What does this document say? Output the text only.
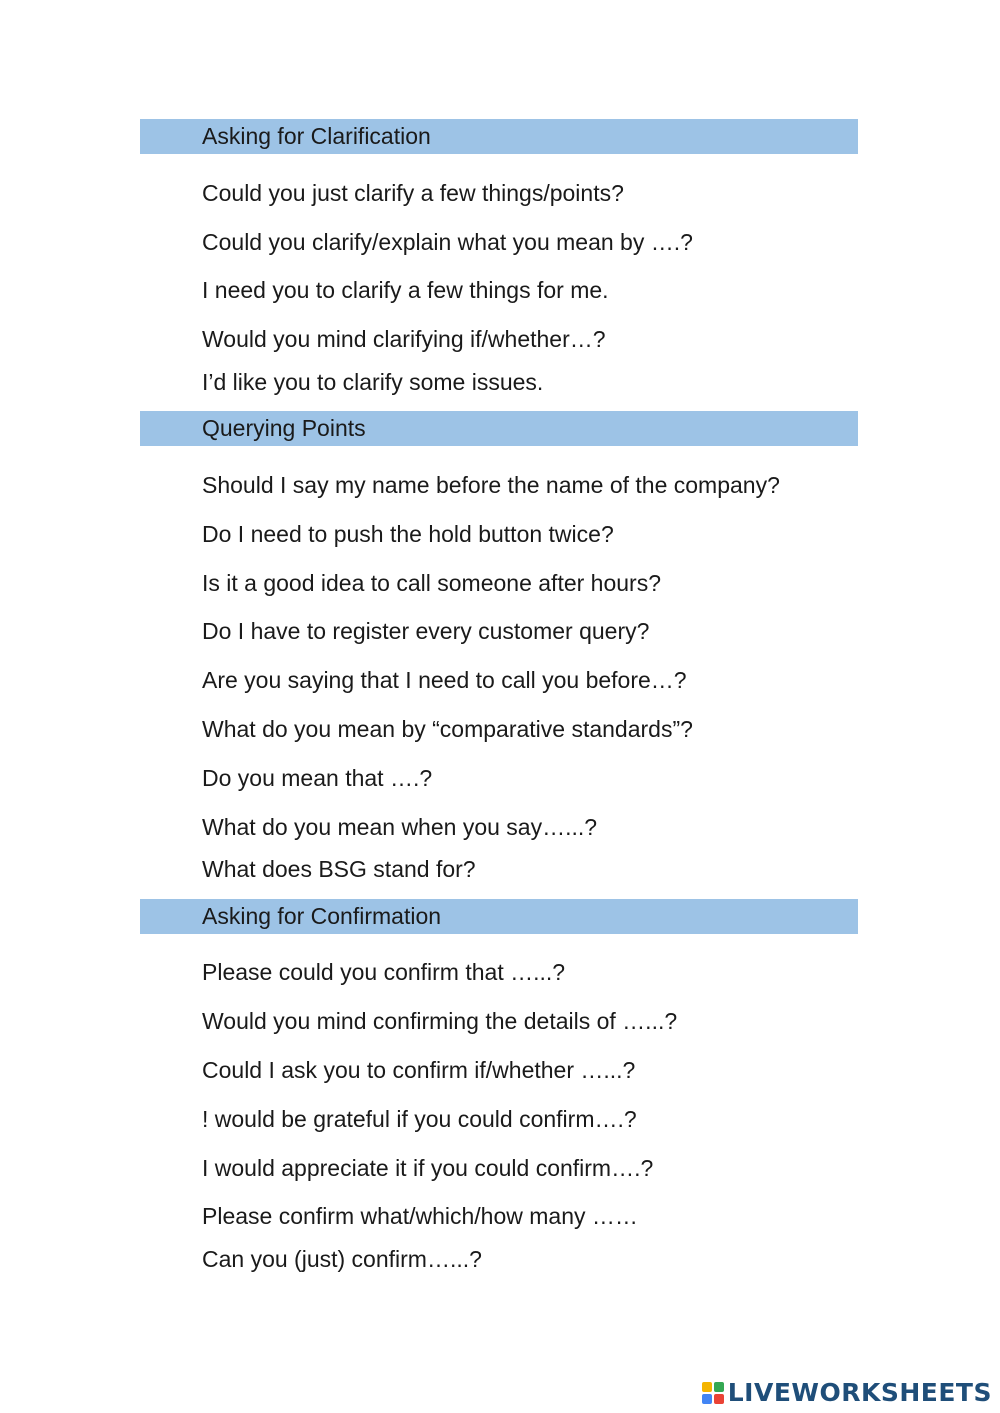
Asking for Clarification
Could you just clarify a few things/points?
Could you clarify/explain what you mean by ….?
I need you to clarify a few things for me.
Would you mind clarifying if/whether…?
I’d like you to clarify some issues.
Querying Points
Should I say my name before the name of the company?
Do I need to push the hold button twice?
Is it a good idea to call someone after hours?
Do I have to register every customer query?
Are you saying that I need to call you before…?
What do you mean by “comparative standards”?
Do you mean that ….?
What do you mean when you say…...?
What does BSG stand for?
Asking for Confirmation
Please could you confirm that …...?
Would you mind confirming the details of …...?
Could I ask you to confirm if/whether …...?
! would be grateful if you could confirm….?
I would appreciate it if you could confirm….?
Please confirm what/which/how many ……
Can you (just) confirm…...?
LIVEWORKSHEETS
